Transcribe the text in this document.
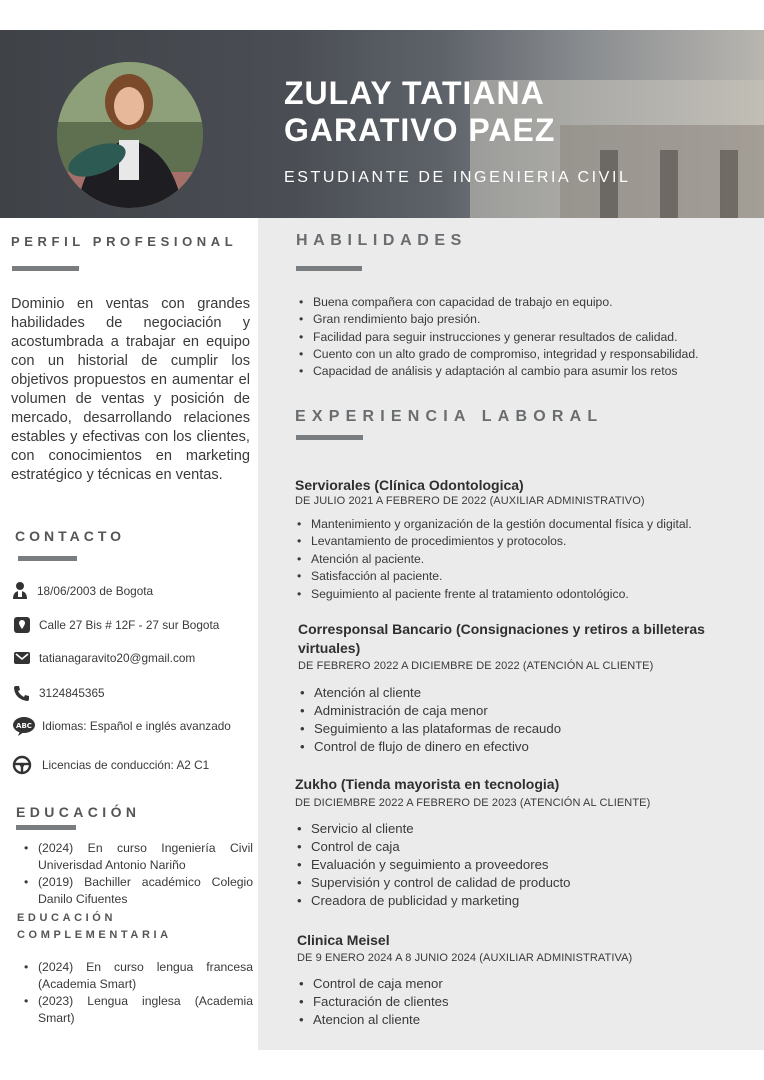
ZULAY TATIANA
GARATIVO PAEZ

ESTUDIANTE DE INGENIERIA CIVIL

PERFIL PROFESIONAL

Dominio en ventas con grandes habilidades de negociación y acostumbrada a trabajar en equipo con un historial de cumplir los objetivos propuestos en aumentar el volumen de ventas y posición de mercado, desarrollando relaciones estables y efectivas con los clientes, con conocimientos en marketing estratégico y técnicas en ventas.

CONTACTO
18/06/2003 de Bogota
Calle 27 Bis # 12F - 27 sur Bogota
tatianagaravito20@gmail.com
3124845365
ABC Idiomas: Español e inglés avanzado
Licencias de conducción: A2 C1
EDUCACIÓN
• (2024) En curso Ingeniería Civil Univerisdad Antonio Nariño
• (2019) Bachiller académico Colegio Danilo Cifuentes
EDUCACIÓN
COMPLEMENTARIA
• (2024) En curso lengua francesa (Academia Smart)
• (2023) Lengua inglesa (Academia Smart)
HABILIDADES
• Buena compañera con capacidad de trabajo en equipo.
• Gran rendimiento bajo presión.
• Facilidad para seguir instrucciones y generar resultados de calidad.
• Cuento con un alto grado de compromiso, integridad y responsabilidad.
• Capacidad de análisis y adaptación al cambio para asumir los retos
EXPERIENCIA LABORAL
Serviorales (Clínica Odontologica)

DE JULIO 2021 A FEBRERO DE 2022 (AUXILIAR ADMINISTRATIVO)

• Mantenimiento y organización de la gestión documental física y digital.
• Levantamiento de procedimientos y protocolos.
• Atención al paciente.
• Satisfacción al paciente.
• Seguimiento al paciente frente al tratamiento odontológico.
Corresponsal Bancario (Consignaciones y retiros a billeteras
virtuales)

DE FEBRERO 2022 A DICIEMBRE DE 2022 (ATENCIÓN AL CLIENTE)

• Atención al cliente
• Administración de caja menor
• Seguimiento a las plataformas de recaudo
• Control de flujo de dinero en efectivo
Zukho (Tienda mayorista en tecnologia)

DE DICIEMBRE 2022 A FEBRERO DE 2023 (ATENCIÓN AL CLIENTE)

• Servicio al cliente
• Control de caja
• Evaluación y seguimiento a proveedores
• Supervisión y control de calidad de producto
• Creadora de publicidad y marketing
Clinica Meisel

DE 9 ENERO 2024 A 8 JUNIO 2024 (AUXILIAR ADMINISTRATIVA)

• Control de caja menor
• Facturación de clientes
• Atencion al cliente
